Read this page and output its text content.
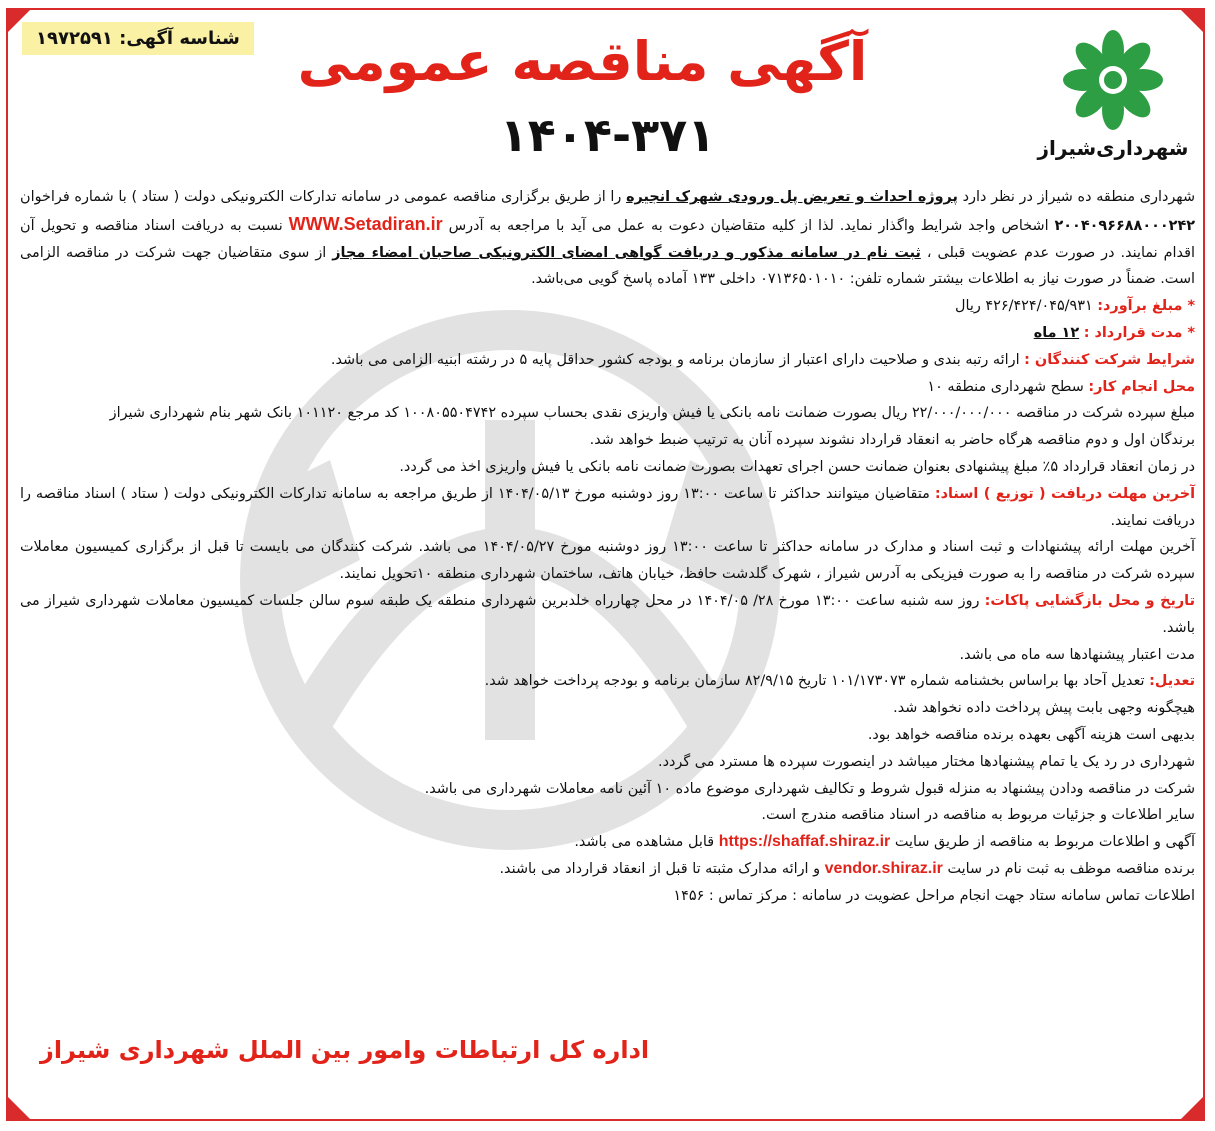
شناسه آگهی: ۱۹۷۲۵۹۱
شهرداری‌شیراز
آگهی مناقصه عمومی
۱۴۰۴-۳۷۱

شهرداری منطقه ده شیراز در نظر دارد پروژه احداث و تعریض پل ورودی شهرک انجیره را از طریق برگزاری مناقصه عمومی در سامانه تدارکات الکترونیکی دولت ( ستاد ) با شماره فراخوان ۲۰۰۴۰۹۶۶۸۸۰۰۰۲۴۲ اشخاص واجد شرایط واگذار نماید. لذا از کلیه متقاضیان دعوت به عمل می آید با مراجعه به آدرس WWW.Setadiran.ir نسبت به دریافت اسناد مناقصه و تحویل آن اقدام نمایند. در صورت عدم عضویت قبلی ، ثبت نام در سامانه مذکور و دریافت گواهی امضای الکترونیکی صاحبان امضاء مجاز از سوی متقاضیان جهت شرکت در مناقصه الزامی است. ضمناً در صورت نیاز به اطلاعات بیشتر شماره تلفن: ۰۷۱۳۶۵۰۱۰۱۰ داخلی ۱۳۳ آماده پاسخ گویی می‌باشد.

* مبلغ برآورد: ۴۲۶/۴۲۴/۰۴۵/۹۳۱ ریال

* مدت قرارداد : ۱۲ ماه

شرایط شرکت کنندگان : ارائه رتبه بندی و صلاحیت دارای اعتبار از سازمان برنامه و بودجه کشور حداقل پایه ۵ در رشته ابنیه الزامی می باشد.

محل انجام کار: سطح شهرداری منطقه ۱۰

مبلغ سپرده شرکت در مناقصه ۲۲/۰۰۰/۰۰۰/۰۰۰ ریال بصورت ضمانت نامه بانکی یا فیش واریزی نقدی بحساب سپرده ۱۰۰۸۰۵۵۰۴۷۴۲ کد مرجع ۱۰۱۱۲۰ بانک شهر بنام شهرداری شیراز

برندگان اول و دوم مناقصه هرگاه حاضر به انعقاد قرارداد نشوند سپرده آنان به ترتیب ضبط خواهد شد.

در زمان انعقاد قرارداد ۵٪ مبلغ پیشنهادی بعنوان ضمانت حسن اجرای تعهدات بصورت ضمانت نامه بانکی یا فیش واریزی اخذ می گردد.

آخرین مهلت دریافت ( توزیع ) اسناد: متقاضیان میتوانند حداکثر تا ساعت ۱۳:۰۰ روز دوشنبه مورخ ۱۴۰۴/۰۵/۱۳ از طریق مراجعه به سامانه تدارکات الکترونیکی دولت ( ستاد ) اسناد مناقصه را دریافت نمایند.

آخرین مهلت ارائه پیشنهادات و ثبت اسناد و مدارک در سامانه حداکثر تا ساعت ۱۳:۰۰ روز دوشنبه مورخ ۱۴۰۴/۰۵/۲۷ می باشد. شرکت کنندگان می بایست تا قبل از برگزاری کمیسیون معاملات سپرده شرکت در مناقصه را به صورت فیزیکی به آدرس شیراز ، شهرک گلدشت حافظ، خیابان هاتف، ساختمان شهرداری منطقه ۱۰تحویل نمایند.

تاریخ و محل بازگشایی پاکات: روز سه شنبه ساعت ۱۳:۰۰ مورخ ۲۸/ ۱۴۰۴/۰۵ در محل چهارراه خلدبرین شهرداری منطقه یک طبقه سوم سالن جلسات کمیسیون معاملات شهرداری شیراز می باشد.

مدت اعتبار پیشنهادها سه ماه می باشد.

تعدیل: تعدیل آحاد بها براساس بخشنامه شماره ۱۰۱/۱۷۳۰۷۳ تاریخ ۸۲/۹/۱۵ سازمان برنامه و بودجه پرداخت خواهد شد.

هیچگونه وجهی بابت پیش پرداخت داده نخواهد شد.

بدیهی است هزینه آگهی بعهده برنده مناقصه خواهد بود.

شهرداری در رد یک یا تمام پیشنهادها مختار میباشد در اینصورت سپرده ها مسترد می گردد.

شرکت در مناقصه ودادن پیشنهاد به منزله قبول شروط و تکالیف شهرداری موضوع ماده ۱۰ آئین نامه معاملات شهرداری می باشد.

سایر اطلاعات و جزئیات مربوط به مناقصه در اسناد مناقصه مندرج است.

آگهی و اطلاعات مربوط به مناقصه از طریق سایت https://shaffaf.shiraz.ir قابل مشاهده می باشد.

برنده مناقصه موظف به ثبت نام در سایت vendor.shiraz.ir و ارائه مدارک مثبته تا قبل از انعقاد قرارداد می باشند.

اطلاعات تماس سامانه ستاد جهت انجام مراحل عضویت در سامانه : مرکز تماس : ۱۴۵۶

اداره کل ارتباطات وامور بین الملل شهرداری شیراز
